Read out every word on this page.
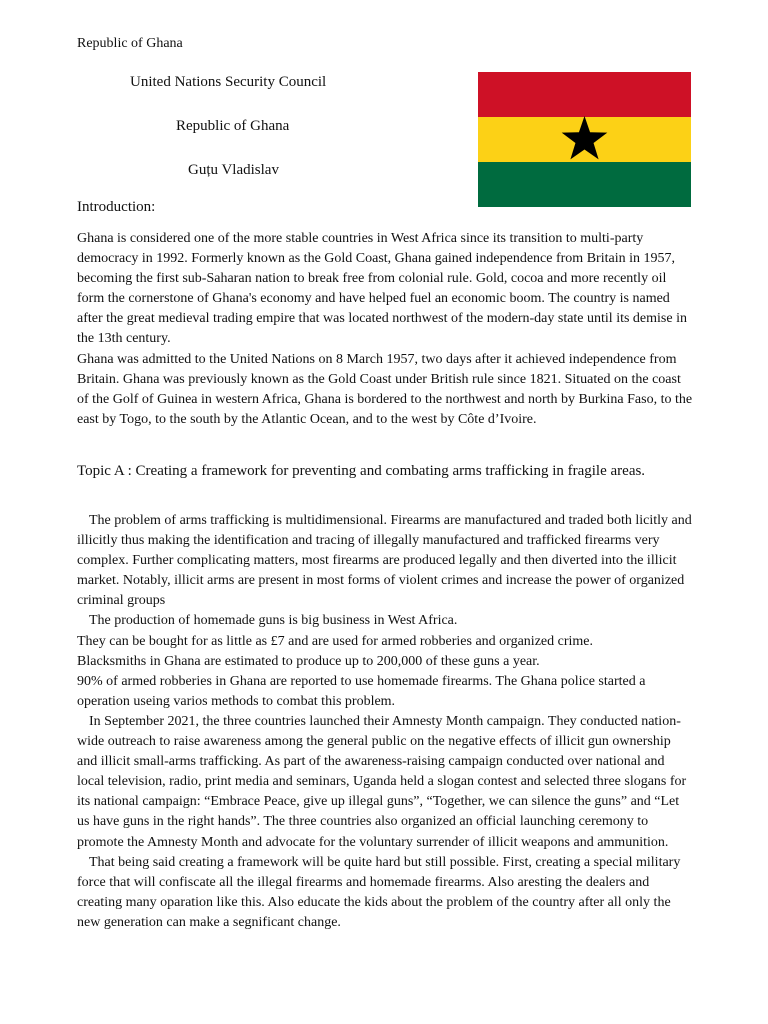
Republic of Ghana
United Nations Security Council
Republic of Ghana
Guțu Vladislav
Introduction:

Ghana is considered one of the more stable countries in West Africa since its transition to multi-party democracy in 1992. Formerly known as the Gold Coast, Ghana gained independence from Britain in 1957, becoming the first sub-Saharan nation to break free from colonial rule. Gold, cocoa and more recently oil form the cornerstone of Ghana's economy and have helped fuel an economic boom. The country is named after the great medieval trading empire that was located northwest of the modern-day state until its demise in the 13th century.

Ghana was admitted to the United Nations on 8 March 1957, two days after it achieved independence from Britain. Ghana was previously known as the Gold Coast under British rule since 1821. Situated on the coast of the Golf of Guinea in western Africa, Ghana is bordered to the northwest and north by Burkina Faso, to the east by Togo, to the south by the Atlantic Ocean, and to the west by Côte d’Ivoire.

Topic A : Creating a framework for preventing and combating arms trafficking in fragile areas.

The problem of arms trafficking is multidimensional. Firearms are manufactured and traded both licitly and illicitly thus making the identification and tracing of illegally manufactured and trafficked firearms very complex. Further complicating matters, most firearms are produced legally and then diverted into the illicit market. Notably, illicit arms are present in most forms of violent crimes and increase the power of organized criminal groups

The production of homemade guns is big business in West Africa.

They can be bought for as little as £7 and are used for armed robberies and organized crime.

Blacksmiths in Ghana are estimated to produce up to 200,000 of these guns a year.

90% of armed robberies in Ghana are reported to use homemade firearms. The Ghana police started a operation useing varios methods to combat this problem.

In September 2021, the three countries launched their Amnesty Month campaign. They conducted nation-wide outreach to raise awareness among the general public on the negative effects of illicit gun ownership and illicit small-arms trafficking. As part of the awareness-raising campaign conducted over national and local television, radio, print media and seminars, Uganda held a slogan contest and selected three slogans for its national campaign: “Embrace Peace, give up illegal guns”, “Together, we can silence the guns” and “Let us have guns in the right hands”. The three countries also organized an official launching ceremony to promote the Amnesty Month and advocate for the voluntary surrender of illicit weapons and ammunition.

That being said creating a framework will be quite hard but still possible. First, creating a special military force that will confiscate all the illegal firearms and homemade firearms. Also aresting the dealers and creating many oparation like this. Also educate the kids about the problem of the country after all only the new generation can make a segnificant change.
